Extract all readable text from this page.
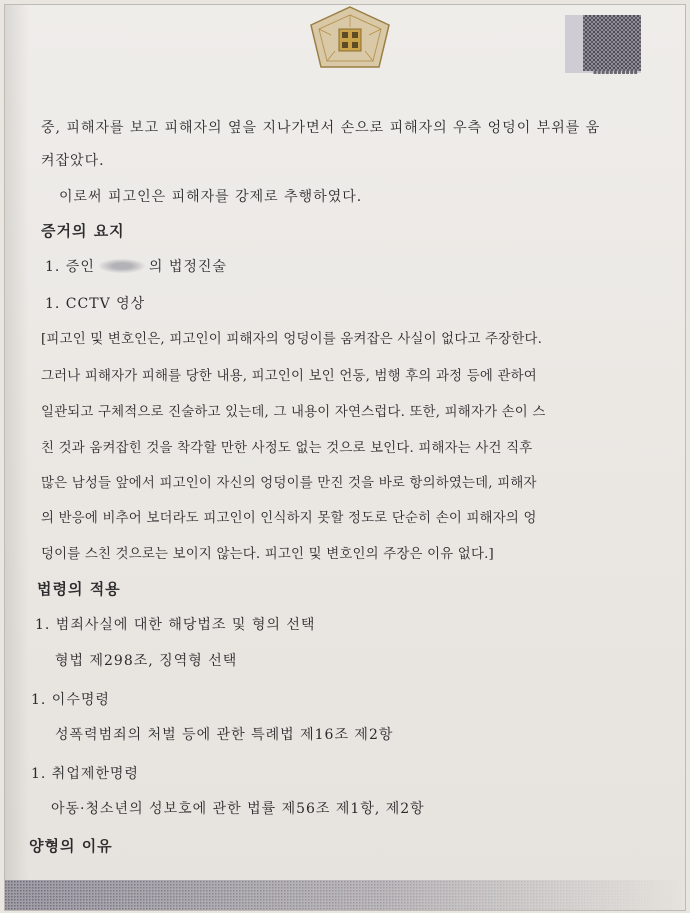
▪▪▪▪▪▪▪▪▪▪▪
중, 피해자를 보고 피해자의 옆을 지나가면서 손으로 피해자의 우측 엉덩이 부위를 움
켜잡았다.
이로써 피고인은 피해자를 강제로 추행하였다.
증거의 요지
1. 증인	의 법정진술
1. CCTV 영상
[피고인 및 변호인은, 피고인이 피해자의 엉덩이를 움켜잡은 사실이 없다고 주장한다.
그러나 피해자가 피해를 당한 내용, 피고인이 보인 언동, 범행 후의 과정 등에 관하여
일관되고 구체적으로 진술하고 있는데, 그 내용이 자연스럽다. 또한, 피해자가 손이 스
친 것과 움켜잡힌 것을 착각할 만한 사정도 없는 것으로 보인다. 피해자는 사건 직후
많은 남성들 앞에서 피고인이 자신의 엉덩이를 만진 것을 바로 항의하였는데, 피해자
의 반응에 비추어 보더라도 피고인이 인식하지 못할 정도로 단순히 손이 피해자의 엉
덩이를 스친 것으로는 보이지 않는다. 피고인 및 변호인의 주장은 이유 없다.]
법령의 적용
1. 범죄사실에 대한 해당법조 및 형의 선택
형법 제298조, 징역형 선택
1. 이수명령
성폭력범죄의 처벌 등에 관한 특례법 제16조 제2항
1. 취업제한명령
아동·청소년의 성보호에 관한 법률 제56조 제1항, 제2항
양형의 이유
